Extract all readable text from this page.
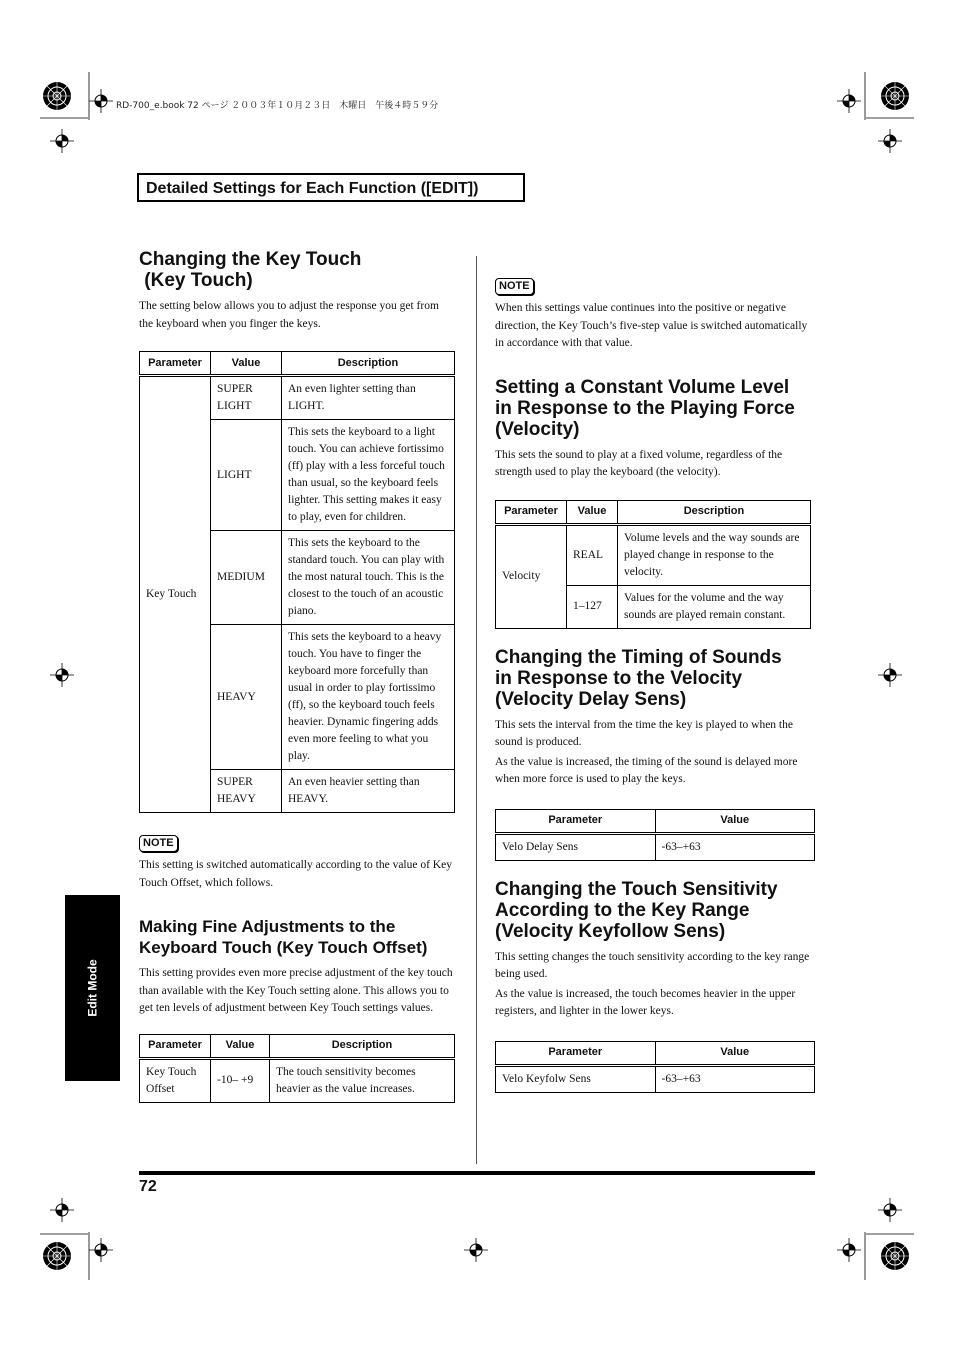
RD-700_e.book 72 ページ ２００３年１０月２３日　木曜日　午後４時５９分
Detailed Settings for Each Function ([EDIT])
Edit Mode
Changing the Key Touch
(Key Touch)

The setting below allows you to adjust the response you get from the keyboard when you finger the keys.

Parameter	Value	Description
Key Touch	SUPER LIGHT	An even lighter setting than LIGHT.
	LIGHT	This sets the keyboard to a light touch. You can achieve fortissimo (ff) play with a less forceful touch than usual, so the keyboard feels lighter. This setting makes it easy to play, even for children.
	MEDIUM	This sets the keyboard to the standard touch. You can play with the most natural touch. This is the closest to the touch of an acoustic piano.
	HEAVY	This sets the keyboard to a heavy touch. You have to finger the keyboard more forcefully than usual in order to play fortissimo (ff), so the keyboard touch feels heavier. Dynamic fingering adds even more feeling to what you play.
	SUPER HEAVY	An even heavier setting than HEAVY.
NOTE

This setting is switched automatically according to the value of Key Touch Offset, which follows.

Making Fine Adjustments to the
Keyboard Touch (Key Touch Offset)

This setting provides even more precise adjustment of the key touch than available with the Key Touch setting alone. This allows you to get ten levels of adjustment between Key Touch settings values.

Parameter	Value	Description
Key Touch Offset	-10– +9	The touch sensitivity becomes heavier as the value increases.
NOTE

When this settings value continues into the positive or negative direction, the Key Touch’s five-step value is switched automatically in accordance with that value.

Setting a Constant Volume Level
in Response to the Playing Force
(Velocity)

This sets the sound to play at a fixed volume, regardless of the strength used to play the keyboard (the velocity).

Parameter	Value	Description
Velocity	REAL	Volume levels and the way sounds are played change in response to the velocity.
	1–127	Values for the volume and the way sounds are played remain constant.
Changing the Timing of Sounds
in Response to the Velocity
(Velocity Delay Sens)

This sets the interval from the time the key is played to when the sound is produced.

As the value is increased, the timing of the sound is delayed more when more force is used to play the keys.

Parameter	Value
Velo Delay Sens	-63–+63
Changing the Touch Sensitivity
According to the Key Range
(Velocity Keyfollow Sens)

This setting changes the touch sensitivity according to the key range being used.

As the value is increased, the touch becomes heavier in the upper registers, and lighter in the lower keys.

Parameter	Value
Velo Keyfolw Sens	-63–+63
72
